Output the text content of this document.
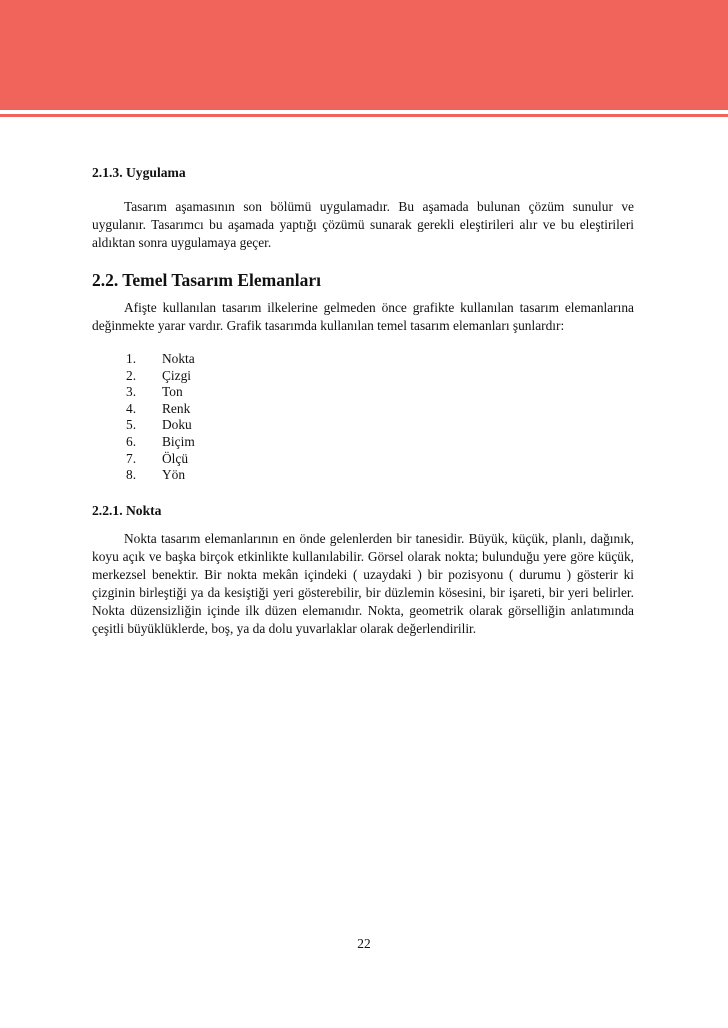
2.1.3. Uygulama

Tasarım aşamasının son bölümü uygulamadır. Bu aşamada bulunan çözüm sunulur ve uygulanır. Tasarımcı bu aşamada yaptığı çözümü sunarak gerekli eleştirileri alır ve bu eleştirileri aldıktan sonra uygulamaya geçer.

2.2. Temel Tasarım Elemanları

Afişte kullanılan tasarım ilkelerine gelmeden önce grafikte kullanılan tasarım elemanlarına değinmekte yarar vardır. Grafik tasarımda kullanılan temel tasarım elemanları şunlardır:

1.	Nokta
2.	Çizgi
3.	Ton
4.	Renk
5.	Doku
6.	Biçim
7.	Ölçü
8.	Yön
2.2.1. Nokta

Nokta tasarım elemanlarının en önde gelenlerden bir tanesidir. Büyük, küçük, planlı, dağınık, koyu açık ve başka birçok etkinlikte kullanılabilir. Görsel olarak nokta; bulunduğu yere göre küçük, merkezsel benektir. Bir nokta mekân içindeki ( uzaydaki ) bir pozisyonu ( durumu ) gösterir ki çizginin birleştiği ya da kesiştiği yeri gösterebilir, bir düzlemin kösesini, bir işareti, bir yeri belirler. Nokta düzensizliğin içinde ilk düzen elemanıdır. Nokta, geometrik olarak görselliğin anlatımında çeşitli büyüklüklerde, boş, ya da dolu yuvarlaklar olarak değerlendirilir.

22
